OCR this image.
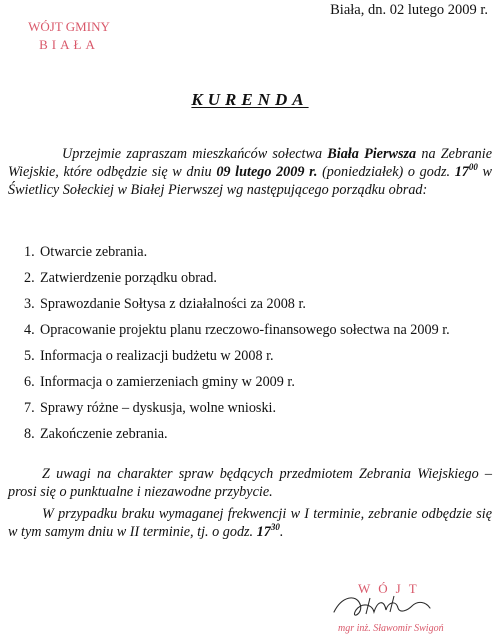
WÓJT GMINY
BIAŁA
Biała, dn. 02 lutego 2009 r.
KURENDA

Uprzejmie zapraszam mieszkańców sołectwa Biała Pierwsza na Zebranie Wiejskie, które odbędzie się w dniu 09 lutego 2009 r. (poniedziałek) o godz. $17^{00}$ w Świetlicy Sołeckiej w Białej Pierwszej wg następującego porządku obrad:

1. Otwarcie zebrania.
2. Zatwierdzenie porządku obrad.
3. Sprawozdanie Sołtysa z działalności za 2008 r.
4. Opracowanie projektu planu rzeczowo-finansowego sołectwa na 2009 r.
5. Informacja o realizacji budżetu w 2008 r.
6. Informacja o zamierzeniach gminy w 2009 r.
7. Sprawy różne – dyskusja, wolne wnioski.
8. Zakończenie zebrania.

Z uwagi na charakter spraw będących przedmiotem Zebrania Wiejskiego – prosi się o punktualne i niezawodne przybycie.

W przypadku braku wymaganej frekwencji w I terminie, zebranie odbędzie się w tym samym dniu w II terminie, tj. o godz. $17^{30}$.

WÓJT
mgr inż. Sławomir Swigoń
